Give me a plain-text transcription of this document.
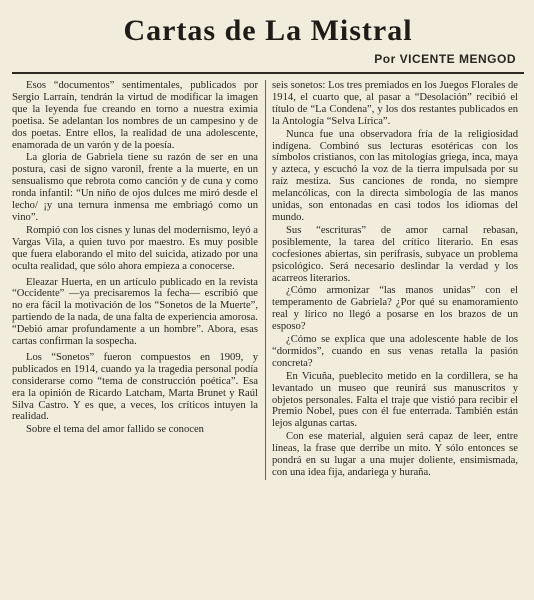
Cartas de La Mistral
Por VICENTE MENGOD

Esos “documentos” sentimentales, publicados por Sergio Larraín, tendrán la virtud de modificar la imagen que la leyenda fue creando en torno a nuestra eximia poetisa. Se adelantan los nombres de un campesino y de dos poetas. Entre ellos, la realidad de una adolescente, enamorada de un varón y de la poesía.

La gloria de Gabriela tiene su razón de ser en una postura, casi de signo varonil, frente a la muerte, en un sensualismo que rebrota como canción y de cuna y como ronda infantil: “Un niño de ojos dulces me miró desde el lecho/ ¡y una ternura inmensa me embriagó como un vino”.

Rompió con los cisnes y lunas del modernismo, leyó a Vargas Vila, a quien tuvo por maestro. Es muy posible que fuera elaborando el mito del suicida, atizado por una oculta realidad, que sólo ahora empieza a conocerse.

Eleazar Huerta, en un artículo publicado en la revista “Occidente” —ya precisaremos la fecha— escribió que no era fácil la motivación de los “Sonetos de la Muerte”, partiendo de la nada, de una falta de experiencia amorosa. “Debió amar profundamente a un hombre”. Abora, esas cartas confirman la sospecha.

Los “Sonetos” fueron compuestos en 1909, y publicados en 1914, cuando ya la tragedia personal podía considerarse como “tema de construcción poética”. Esa era la opinión de Ricardo Latcham, Marta Brunet y Raúl Silva Castro. Y es que, a veces, los críticos intuyen la realidad.

Sobre el tema del amor fallido se conocen

seis sonetos: Los tres premiados en los Juegos Florales de 1914, el cuarto que, al pasar a “Desolación” recibió el título de “La Condena”, y los dos restantes publicados en la Antología “Selva Lírica”.

Nunca fue una observadora fría de la religiosidad indígena. Combinó sus lecturas esotéricas con los símbolos cristianos, con las mitologías griega, inca, maya y azteca, y escuchó la voz de la tierra impulsada por su raíz mestiza. Sus canciones de ronda, no siempre melancólicas, con la directa simbología de las manos unidas, son entonadas en casi todos los idiomas del mundo.

Sus “escrituras” de amor carnal rebasan, posiblemente, la tarea del crítico literario. En esas cocfesiones abiertas, sin perífrasis, subyace un problema psicológico. Será necesario deslindar la verdad y los acarreos literarios.

¿Cómo armonizar “las manos unidas” con el temperamento de Gabriela? ¿Por qué su enamoramiento real y lírico no llegó a posarse en los brazos de un esposo?

¿Cómo se explica que una adolescente hable de los “dormidos”, cuando en sus venas retalla la pasión concreta?

En Vicuña, pueblecito metido en la cordillera, se ha levantado un museo que reunirá sus manuscritos y objetos personales. Falta el traje que vistió para recibir el Premio Nobel, pues con él fue enterrada. También están lejos algunas cartas.

Con ese material, alguien será capaz de leer, entre líneas, la frase que derribe un mito. Y sólo entonces se pondrá en su lugar a una mujer doliente, ensimismada, con una idea fija, andariega y huraña.
